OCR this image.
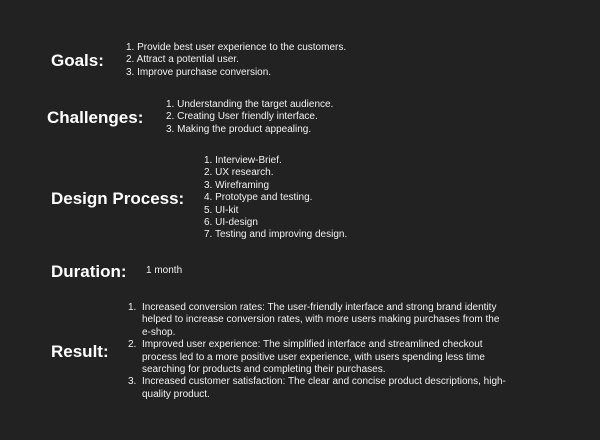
Goals:
1. Provide best user experience to the customers.
2. Attract a potential user.
3. Improve purchase conversion.
Challenges:
1. Understanding the target audience.
2. Creating User friendly interface.
3. Making the product appealing.
Design Process:
1. Interview-Brief.
2. UX research.
3. Wireframing
4. Prototype and testing.
5. UI-kit
6. UI-design
7. Testing and improving design.
Duration: 1 month
Result:
1. Increased conversion rates: The user-friendly interface and strong brand identity helped to increase conversion rates, with more users making purchases from the e-shop.
2. Improved user experience: The simplified interface and streamlined checkout process led to a more positive user experience, with users spending less time searching for products and completing their purchases.
3. Increased customer satisfaction: The clear and concise product descriptions, high-quality product.
